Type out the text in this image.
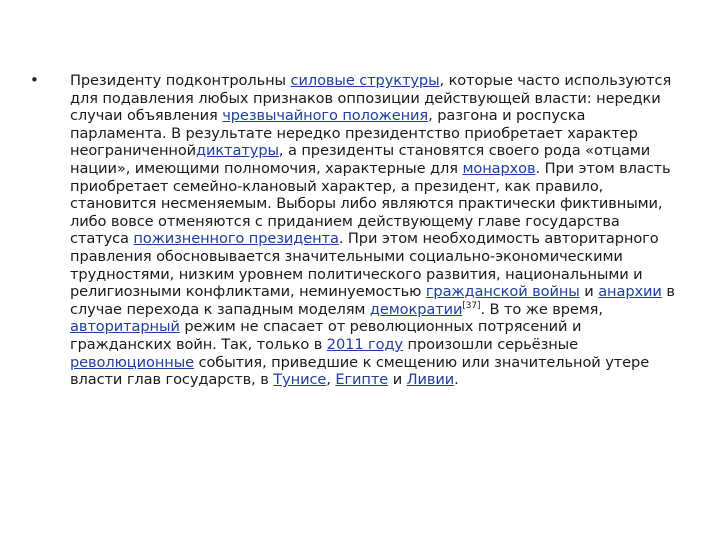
• Президенту подконтрольны силовые структуры, которые часто используются для подавления любых признаков оппозиции действующей власти: нередки случаи объявления чрезвычайного положения, разгона и роспуска парламента. В результате нередко президентство приобретает характер неограниченнойдиктатуры, а президенты становятся своего рода «отцами нации», имеющими полномочия, характерные для монархов. При этом власть приобретает семейно-клановый характер, а президент, как правило, становится несменяемым. Выборы либо являются практически фиктивными, либо вовсе отменяются с приданием действующему главе государства статуса пожизненного президента. При этом необходимость авторитарного правления обосновывается значительными социально-экономическими трудностями, низким уровнем политического развития, национальными и религиозными конфликтами, неминуемостью гражданской войны и анархии в случае перехода к западным моделям демократии[37]. В то же время, авторитарный режим не спасает от революционных потрясений и гражданских войн. Так, только в 2011 году произошли серьёзные революционные события, приведшие к смещению или значительной утере власти глав государств, в Тунисе, Египте и Ливии.
